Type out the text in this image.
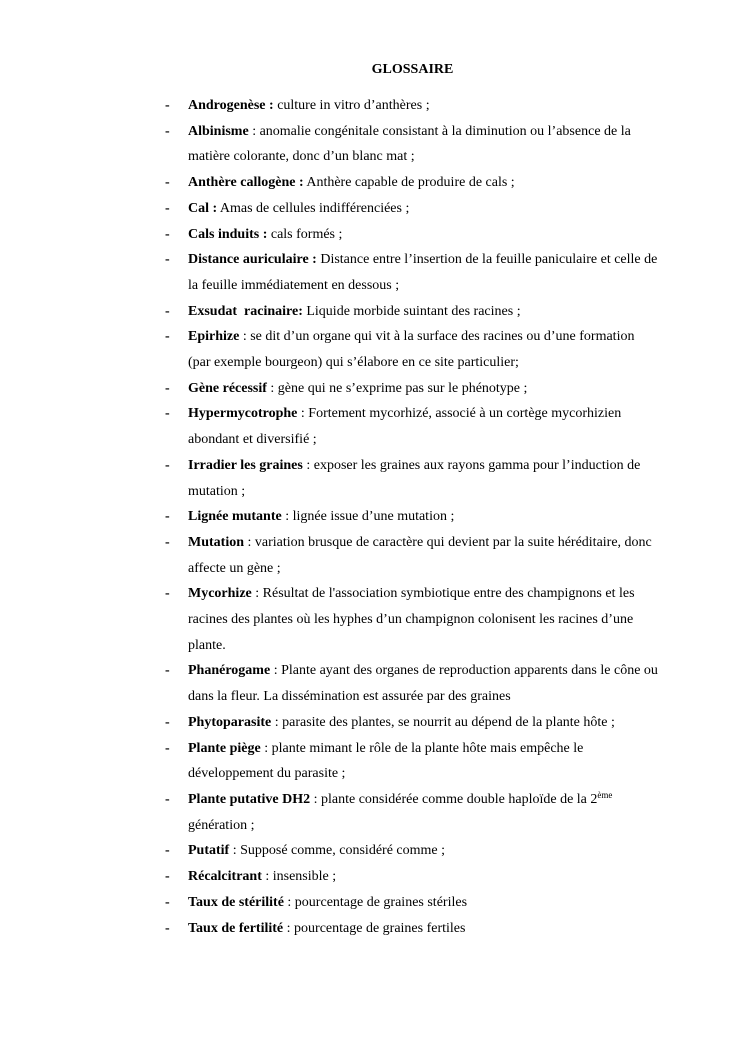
GLOSSAIRE
- Androgenèse : culture in vitro d’anthères ;
- Albinisme : anomalie congénitale consistant à la diminution ou l’absence de la matière colorante, donc d’un blanc mat ;
- Anthère callogène : Anthère capable de produire de cals ;
- Cal : Amas de cellules indifférenciées ;
- Cals induits : cals formés ;
- Distance auriculaire : Distance entre l’insertion de la feuille paniculaire et celle de la feuille immédiatement en dessous ;
- Exsudat  racinaire: Liquide morbide suintant des racines ;
- Epirhize : se dit d’un organe qui vit à la surface des racines ou d’une formation (par exemple bourgeon) qui s’élabore en ce site particulier;
- Gène récessif : gène qui ne s’exprime pas sur le phénotype ;
- Hypermycotrophe : Fortement mycorhizé, associé à un cortège mycorhizien abondant et diversifié ;
- Irradier les graines : exposer les graines aux rayons gamma pour l’induction de mutation ;
- Lignée mutante : lignée issue d’une mutation ;
- Mutation : variation brusque de caractère qui devient par la suite héréditaire, donc affecte un gène ;
- Mycorhize : Résultat de l'association symbiotique entre des champignons et les racines des plantes où les hyphes d’un champignon colonisent les racines d’une plante.
- Phanérogame : Plante ayant des organes de reproduction apparents dans le cône ou dans la fleur. La dissémination est assurée par des graines
- Phytoparasite : parasite des plantes, se nourrit au dépend de la plante hôte ;
- Plante piège : plante mimant le rôle de la plante hôte mais empêche le développement du parasite ;
- Plante putative DH2 : plante considérée comme double haploïde de la 2ème génération ;
- Putatif : Supposé comme, considéré comme ;
- Récalcitrant : insensible ;
- Taux de stérilité : pourcentage de graines stériles
- Taux de fertilité : pourcentage de graines fertiles
